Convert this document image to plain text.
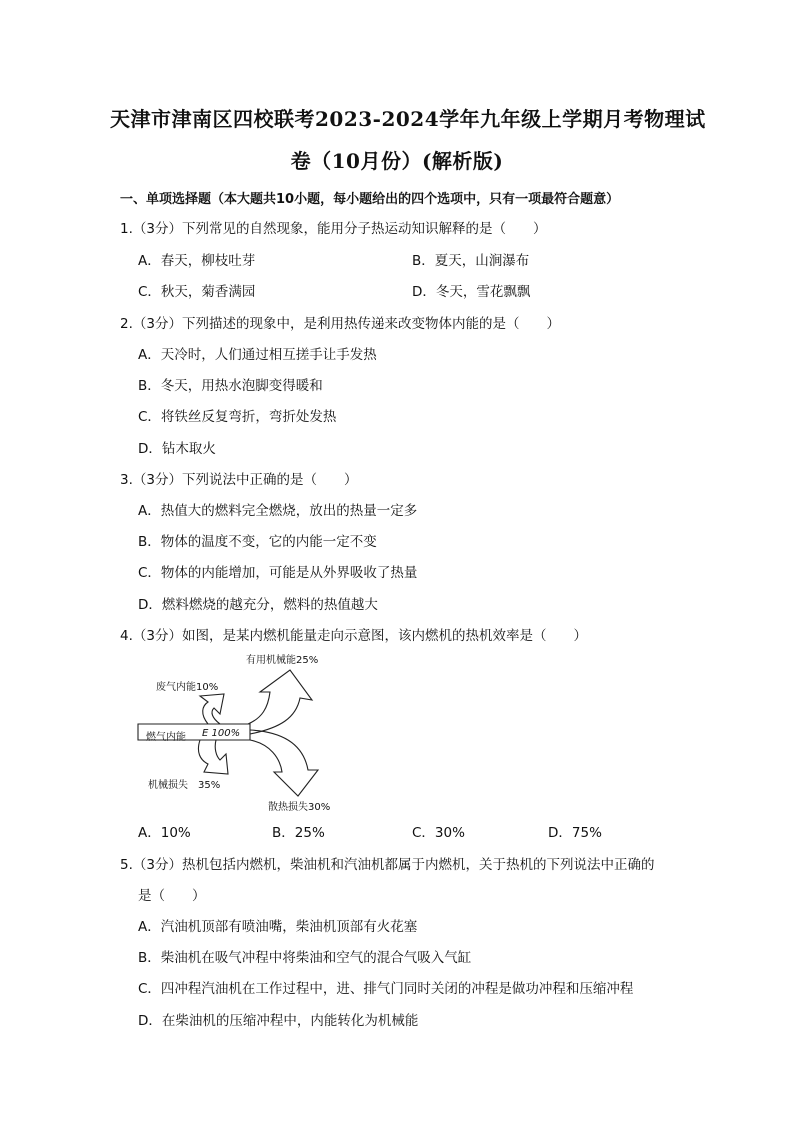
天津市津南区四校联考2023-2024学年九年级上学期月考物理试
卷（10月份）(解析版)
一、单项选择题（本大题共10小题，每小题给出的四个选项中，只有一项最符合题意）
1.（3分）下列常见的自然现象，能用分子热运动知识解释的是（　　）
A．春天，柳枝吐芽	B．夏天，山涧瀑布
C．秋天，菊香满园	D．冬天，雪花飘飘
2.（3分）下列描述的现象中，是利用热传递来改变物体内能的是（　　）
A．天冷时，人们通过相互搓手让手发热
B．冬天，用热水泡脚变得暖和
C．将铁丝反复弯折，弯折处发热
D．钻木取火
3.（3分）下列说法中正确的是（　　）
A．热值大的燃料完全燃烧，放出的热量一定多
B．物体的温度不变，它的内能一定不变
C．物体的内能增加，可能是从外界吸收了热量
D．燃料燃烧的越充分，燃料的热值越大
4.（3分）如图，是某内燃机能量走向示意图，该内燃机的热机效率是（　　）
有用机械能25%
废气内能10%
燃气内能 E 100%
机械损失　35%
散热损失30%
A．10%	B．25%	C．30%	D．75%
5.（3分）热机包括内燃机，柴油机和汽油机都属于内燃机，关于热机的下列说法中正确的
是（　　）
A．汽油机顶部有喷油嘴，柴油机顶部有火花塞
B．柴油机在吸气冲程中将柴油和空气的混合气吸入气缸
C．四冲程汽油机在工作过程中，进、排气门同时关闭的冲程是做功冲程和压缩冲程
D．在柴油机的压缩冲程中，内能转化为机械能
